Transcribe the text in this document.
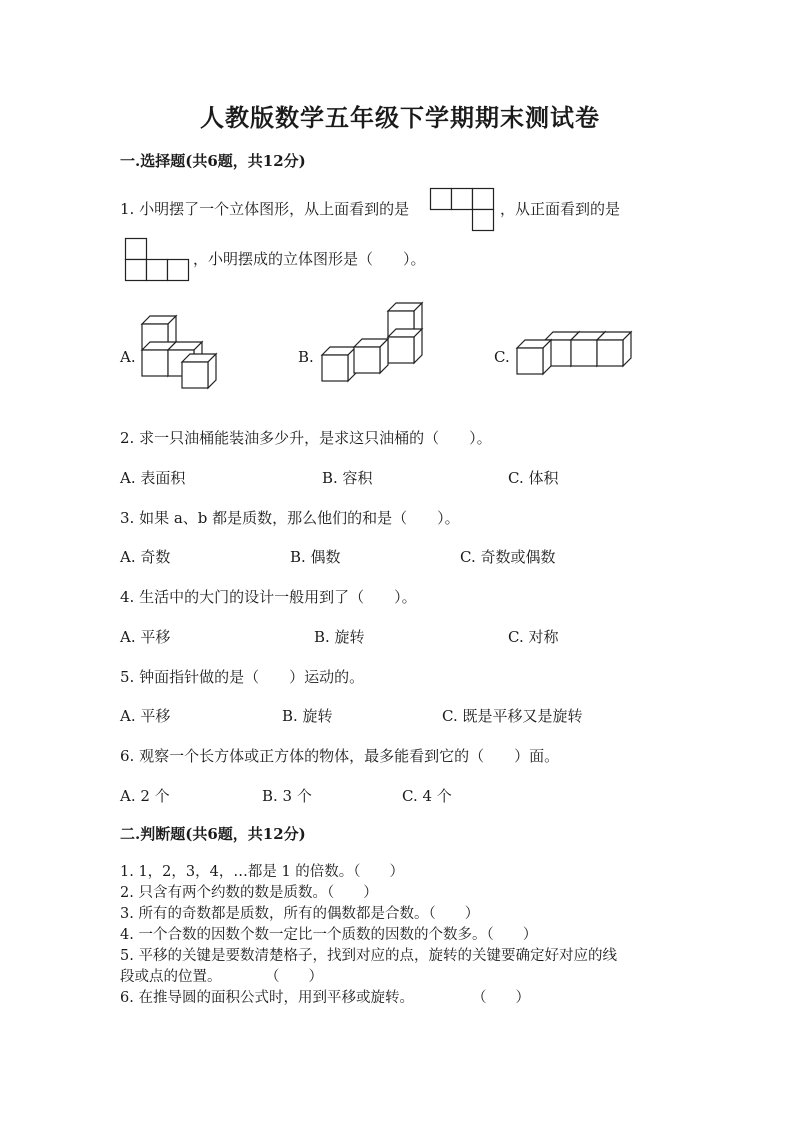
人教版数学五年级下学期期末测试卷
一.选择题(共6题，共12分)
1. 小明摆了一个立体图形，从上面看到的是	，从正面看到的是
，小明摆成的立体图形是（　　）。
A.	B.	C.
2. 求一只油桶能装油多少升，是求这只油桶的（　　）。
A. 表面积	B. 容积	C. 体积
3. 如果 a、b 都是质数，那么他们的和是（　　）。
A. 奇数	B. 偶数	C. 奇数或偶数
4. 生活中的大门的设计一般用到了（　　）。
A. 平移	B. 旋转	C. 对称
5. 钟面指针做的是（　　）运动的。
A. 平移	B. 旋转	C. 既是平移又是旋转
6. 观察一个长方体或正方体的物体，最多能看到它的（　　）面。
A. 2 个	B. 3 个	C. 4 个
二.判断题(共6题，共12分)
1. 1，2，3，4，…都是 1 的倍数。（　　）
2. 只含有两个约数的数是质数。（　　）
3. 所有的奇数都是质数，所有的偶数都是合数。（　　）
4. 一个合数的因数个数一定比一个质数的因数的个数多。（　　）
5. 平移的关键是要数清楚格子，找到对应的点，旋转的关键要确定好对应的线
段或点的位置。　　　　（　　）
6. 在推导圆的面积公式时，用到平移或旋转。　　　　　（　　）
